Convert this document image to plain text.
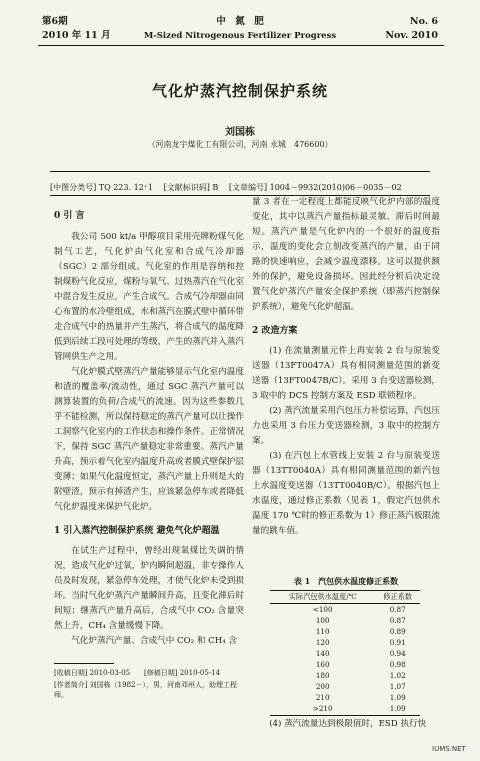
第6期	中　氮　肥	No. 6
2010 年 11 月	M-Sized Nitrogenous Fertilizer Progress	Nov. 2010
气化炉蒸汽控制保护系统
刘国栋
（河南龙宇煤化工有限公司，河南 永城　476600）
[中图分类号] TQ 223. 12⁺1　 [文献标识码] B　 [文章编号] 1004－9932(2010)06－0035－02
0 引 言

我公司 500 kt/a 甲醇项目采用壳牌粉煤气化制气工艺，气化炉由气化室和合成气冷却器（SGC）2 部分组成。气化室的作用是容纳和控制煤粉气化反应，煤粉与氧气、过热蒸汽在气化室中混合发生反应，产生合成气。合成气冷却器由同心布置的水冷壁组成，水和蒸汽在膜式壁中循环带走合成气中的热量并产生蒸汽，将合成气的温度降低到后续工段可处理的等级，产生的蒸汽并入蒸汽管网供生产之用。

气化炉膜式壁蒸汽产量能够显示气化室内温度和渣的覆盖率/流动性，通过 SGC 蒸汽产量可以测算装置的负荷/合成气的流速。因为这些参数几乎不能检测，所以保持稳定的蒸汽产量可以让操作工洞察气化室内的工作状态和操作条件。正常情况下，保持 SGC 蒸汽产量稳定非常重要。蒸汽产量升高，预示着气化室内温度升高或者膜式壁保护层变薄；如果气化温度恒定，蒸汽产量上升则是大的附壁渣，预示有掉渣产生，应该紧急停车或者降低气化炉温度来保护气化炉。

1 引入蒸汽控制保护系统 避免气化炉超温

在试生产过程中，曾经出现氧煤比失调的情况，造成气化炉过氧，炉内瞬间超温，非专操作人员及时发现，紧急停车处理，才使气化炉未受到损坏。当时气化炉蒸汽产量瞬间升高，且变化滞后时间短；继蒸汽产量升高后，合成气中 CO₂ 含量突然上升，CH₄ 含量缓慢下降。

气化炉蒸汽产量、合成气中 CO₂ 和 CH₄ 含

[收稿日期] 2010-03-05　　[修稿日期] 2010-05-14
[作者简介] 刘国栋（1982－），男，河南邓州人，助理工程师。

量 3 者在一定程度上都能反映气化炉内部的温度变化，其中以蒸汽产量指标最灵敏、滞后时间最短。蒸汽产量是气化炉内的一个很好的温度指示，温度的变化会立刻改变蒸汽的产量，由于同路的快速响应，会减少温度漂移。这可以提供额外的保护，避免设备损坏。因此经分析后决定设置气化炉蒸汽产量安全保护系统（即蒸汽控制保护系统），避免气化炉超温。

2 改造方案

(1) 在流量测量元件上再安装 2 台与原装变送器（13FT0047A）具有相同测量范围的新变送器（13FT0047B/C）。采用 3 台变送器检测，3 取中的 DCS 控制方案及 ESD 联锁程序。

(2) 蒸汽流量采用汽包压力补偿运算，汽包压力也采用 3 台压力变送器检测，3 取中的控制方案。

(3) 在汽包上水管线上安装 2 台与原装变送器（13TT0040A）具有相同测量范围的新汽包上水温度变送器（13TT0040B/C）。根据汽包上水温度，通过修正系数（见表 1，假定汽包供水温度 170 ℃时的修正系数为 1）修正蒸汽板限流量的跳车值。

表 1　汽包供水温度修正系数
实际汽包供水温度/℃	修正系数
<100	0.87
100	0.87
110	0.89
120	0.91
140	0.94
160	0.98
180	1.02
200	1.07
210	1.09
>210	1.09

(4) 蒸汽流量达到极限值时，ESD 执行快

IUMS.NET
